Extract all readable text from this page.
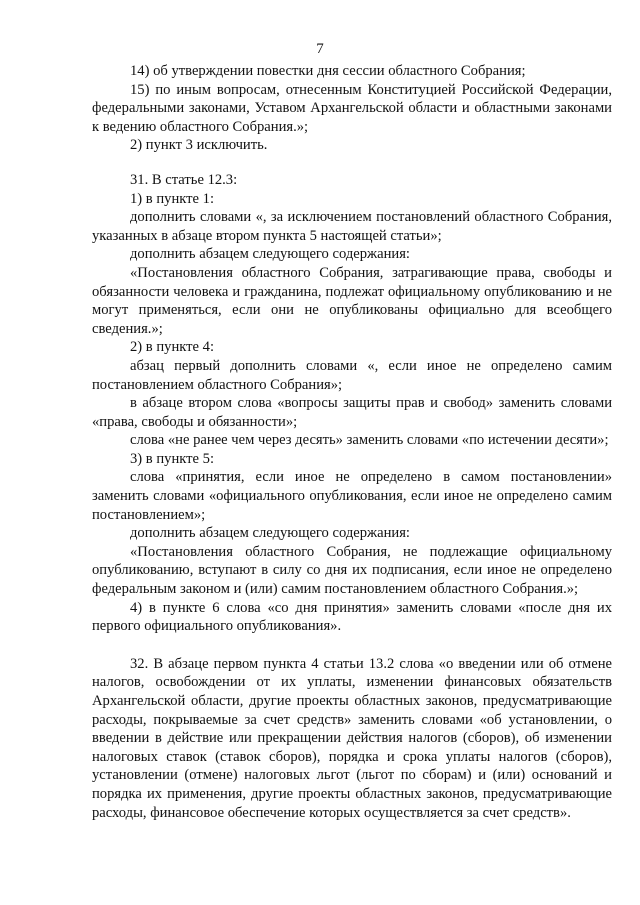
7

14) об утверждении повестки дня сессии областного Собрания;

15) по иным вопросам, отнесенным Конституцией Российской Федерации, федеральными законами, Уставом Архангельской области и областными законами к ведению областного Собрания.»;

2) пункт 3 исключить.

31. В статье 12.3:

1) в пункте 1:

дополнить словами «, за исключением постановлений областного Собрания, указанных в абзаце втором пункта 5 настоящей статьи»;

дополнить абзацем следующего содержания:

«Постановления областного Собрания, затрагивающие права, свободы и обязанности человека и гражданина, подлежат официальному опубликованию и не могут применяться, если они не опубликованы официально для всеобщего сведения.»;

2) в пункте 4:

абзац первый дополнить словами «, если иное не определено самим постановлением областного Собрания»;

в абзаце втором слова «вопросы защиты прав и свобод» заменить словами «права, свободы и обязанности»;

слова «не ранее чем через десять» заменить словами «по истечении десяти»;

3) в пункте 5:

слова «принятия, если иное не определено в самом постановлении» заменить словами «официального опубликования, если иное не определено самим постановлением»;

дополнить абзацем следующего содержания:

«Постановления областного Собрания, не подлежащие официальному опубликованию, вступают в силу со дня их подписания, если иное не определено федеральным законом и (или) самим постановлением областного Собрания.»;

4) в пункте 6 слова «со дня принятия» заменить словами «после дня их первого официального опубликования».

32. В абзаце первом пункта 4 статьи 13.2 слова «о введении или об отмене налогов, освобождении от их уплаты, изменении финансовых обязательств Архангельской области, другие проекты областных законов, предусматривающие расходы, покрываемые за счет средств» заменить словами «об установлении, о введении в действие или прекращении действия налогов (сборов), об изменении налоговых ставок (ставок сборов), порядка и срока уплаты налогов (сборов), установлении (отмене) налоговых льгот (льгот по сборам) и (или) оснований и порядка их применения, другие проекты областных законов, предусматривающие расходы, финансовое обеспечение которых осуществляется за счет средств».
